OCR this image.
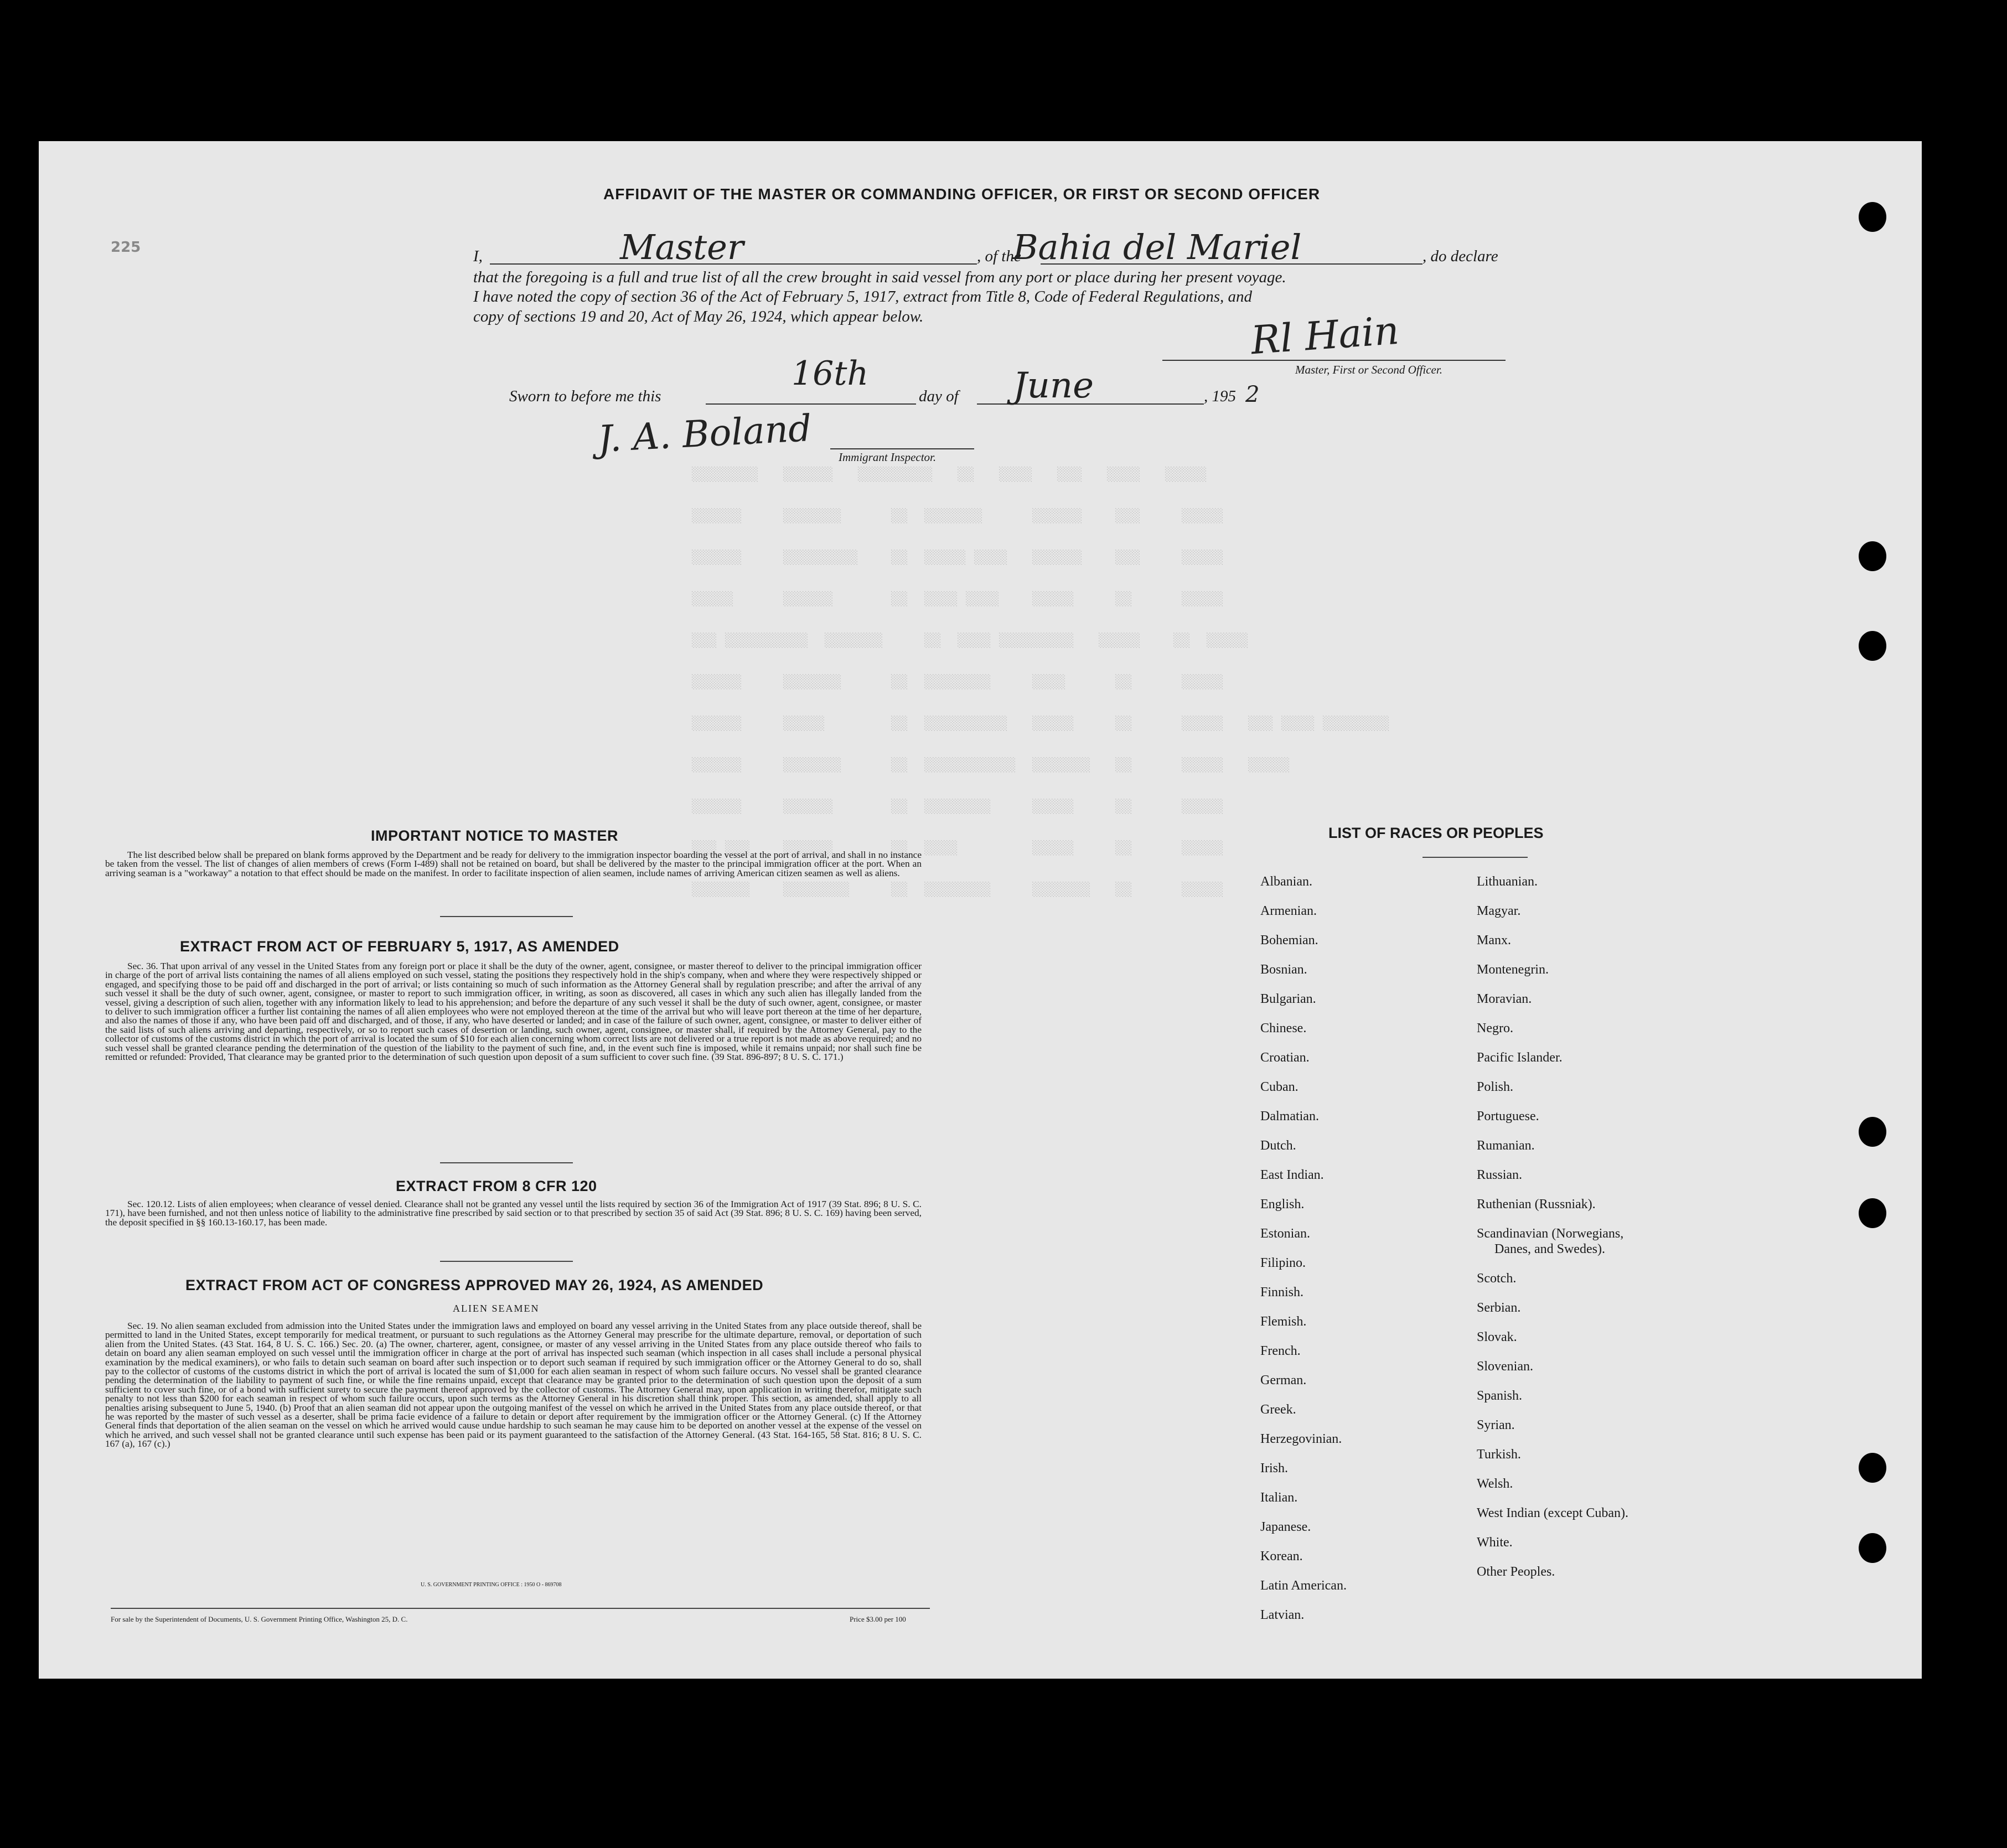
░░░░░░░░   ░░░░░░   ░░░░░░░░░   ░░   ░░░░   ░░░   ░░░░   ░░░░░
░░░░░░     ░░░░░░░      ░░  ░░░░░░░      ░░░░░░    ░░░     ░░░░░
░░░░░░     ░░░░░░░░░    ░░  ░░░░░ ░░░░   ░░░░░░    ░░░     ░░░░░
░░░░░      ░░░░░░       ░░  ░░░░ ░░░░    ░░░░░     ░░      ░░░░░
░░░ ░░░░░░░░░░  ░░░░░░░     ░░  ░░░░ ░░░░░░░░░   ░░░░░    ░░  ░░░░░
░░░░░░     ░░░░░░░      ░░  ░░░░░░░░     ░░░░      ░░      ░░░░░
░░░░░░     ░░░░░        ░░  ░░░░░░░░░░   ░░░░░     ░░      ░░░░░   ░░░ ░░░░ ░░░░░░░░
░░░░░░     ░░░░░░░      ░░  ░░░░░░░░░░░  ░░░░░░░   ░░      ░░░░░   ░░░░░
░░░░░░     ░░░░░░       ░░  ░░░░░░░░     ░░░░░     ░░      ░░░░░
░░░ ░░░    ░░░░░░       ░░  ░░░░         ░░░░░     ░░      ░░░░░
░░░░░░░    ░░░░░░░░     ░░  ░░░░░░░░     ░░░░░░░   ░░      ░░░░░

AFFIDAVIT OF THE MASTER OR COMMANDING OFFICER, OR FIRST OR SECOND OFFICER
225	I,	Master	, of the
Bahia del Mariel	, do declare
that the foregoing is a full and true list of all the crew brought in said vessel from any port or place during her present voyage.
I have noted the copy of section 36 of the Act of February 5, 1917, extract from Title 8, Code of Federal Regulations, and
copy of sections 19 and 20, Act of May 26, 1924, which appear below.	Rl Hain
Master, First or Second Officer.
Sworn to before me this
16th
day of June	, 195 2
J. A. Boland Immigrant Inspector.
IMPORTANT NOTICE TO MASTER
The list described below shall be prepared on blank forms approved by the Department and be ready for delivery to the immigration inspector boarding the vessel at the port of arrival, and shall in no instance be taken from the vessel. The list of changes of alien members of crews (Form I-489) shall not be retained on board, but shall be delivered by the master to the principal immigration officer at the port. When an arriving seaman is a "workaway" a notation to that effect should be made on the manifest. In order to facilitate inspection of alien seamen, include names of arriving American citizen seamen as well as aliens.
EXTRACT FROM ACT OF FEBRUARY 5, 1917, AS AMENDED
Sec. 36. That upon arrival of any vessel in the United States from any foreign port or place it shall be the duty of the owner, agent, consignee, or master thereof to deliver to the principal immigration officer in charge of the port of arrival lists containing the names of all aliens employed on such vessel, stating the positions they respectively hold in the ship's company, when and where they were respectively shipped or engaged, and specifying those to be paid off and discharged in the port of arrival; or lists containing so much of such information as the Attorney General shall by regulation prescribe; and after the arrival of any such vessel it shall be the duty of such owner, agent, consignee, or master to report to such immigration officer, in writing, as soon as discovered, all cases in which any such alien has illegally landed from the vessel, giving a description of such alien, together with any information likely to lead to his apprehension; and before the departure of any such vessel it shall be the duty of such owner, agent, consignee, or master to deliver to such immigration officer a further list containing the names of all alien employees who were not employed thereon at the time of the arrival but who will leave port thereon at the time of her departure, and also the names of those if any, who have been paid off and discharged, and of those, if any, who have deserted or landed; and in case of the failure of such owner, agent, consignee, or master to deliver either of the said lists of such aliens arriving and departing, respectively, or so to report such cases of desertion or landing, such owner, agent, consignee, or master shall, if required by the Attorney General, pay to the collector of customs of the customs district in which the port of arrival is located the sum of $10 for each alien concerning whom correct lists are not delivered or a true report is not made as above required; and no such vessel shall be granted clearance pending the determination of the question of the liability to the payment of such fine, and, in the event such fine is imposed, while it remains unpaid; nor shall such fine be remitted or refunded: Provided, That clearance may be granted prior to the determination of such question upon deposit of a sum sufficient to cover such fine. (39 Stat. 896-897; 8 U. S. C. 171.)
EXTRACT FROM 8 CFR 120
Sec. 120.12. Lists of alien employees; when clearance of vessel denied. Clearance shall not be granted any vessel until the lists required by section 36 of the Immigration Act of 1917 (39 Stat. 896; 8 U. S. C. 171), have been furnished, and not then unless notice of liability to the administrative fine prescribed by said section or to that prescribed by section 35 of said Act (39 Stat. 896; 8 U. S. C. 169) having been served, the deposit specified in §§ 160.13-160.17, has been made.
EXTRACT FROM ACT OF CONGRESS APPROVED MAY 26, 1924, AS AMENDED
ALIEN SEAMEN
Sec. 19. No alien seaman excluded from admission into the United States under the immigration laws and employed on board any vessel arriving in the United States from any place outside thereof, shall be permitted to land in the United States, except temporarily for medical treatment, or pursuant to such regulations as the Attorney General may prescribe for the ultimate departure, removal, or deportation of such alien from the United States. (43 Stat. 164, 8 U. S. C. 166.) Sec. 20. (a) The owner, charterer, agent, consignee, or master of any vessel arriving in the United States from any place outside thereof who fails to detain on board any alien seaman employed on such vessel until the immigration officer in charge at the port of arrival has inspected such seaman (which inspection in all cases shall include a personal physical examination by the medical examiners), or who fails to detain such seaman on board after such inspection or to deport such seaman if required by such immigration officer or the Attorney General to do so, shall pay to the collector of customs of the customs district in which the port of arrival is located the sum of $1,000 for each alien seaman in respect of whom such failure occurs. No vessel shall be granted clearance pending the determination of the liability to payment of such fine, or while the fine remains unpaid, except that clearance may be granted prior to the determination of such question upon the deposit of a sum sufficient to cover such fine, or of a bond with sufficient surety to secure the payment thereof approved by the collector of customs. The Attorney General may, upon application in writing therefor, mitigate such penalty to not less than $200 for each seaman in respect of whom such failure occurs, upon such terms as the Attorney General in his discretion shall think proper. This section, as amended, shall apply to all penalties arising subsequent to June 5, 1940. (b) Proof that an alien seaman did not appear upon the outgoing manifest of the vessel on which he arrived in the United States from any place outside thereof, or that he was reported by the master of such vessel as a deserter, shall be prima facie evidence of a failure to detain or deport after requirement by the immigration officer or the Attorney General. (c) If the Attorney General finds that deportation of the alien seaman on the vessel on which he arrived would cause undue hardship to such seaman he may cause him to be deported on another vessel at the expense of the vessel on which he arrived, and such vessel shall not be granted clearance until such expense has been paid or its payment guaranteed to the satisfaction of the Attorney General. (43 Stat. 164-165, 58 Stat. 816; 8 U. S. C. 167 (a), 167 (c).)
U. S. GOVERNMENT PRINTING OFFICE : 1950 O - 869708
For sale by the Superintendent of Documents, U. S. Government Printing Office, Washington 25, D. C.	Price $3.00 per 100
LIST OF RACES OR PEOPLES
Albanian.
Armenian.
Bohemian.
Bosnian.
Bulgarian.
Chinese.
Croatian.
Cuban.
Dalmatian.
Dutch.
East Indian.
English.
Estonian.
Filipino.
Finnish.
Flemish.
French.
German.
Greek.
Herzegovinian.
Irish.
Italian.
Japanese.
Korean.
Latin American.
Latvian.
Lithuanian.
Magyar.
Manx.
Montenegrin.
Moravian.
Negro.
Pacific Islander.
Polish.
Portuguese.
Rumanian.
Russian.
Ruthenian (Russniak).
Scandinavian (Norwegians,
Danes, and Swedes).
Scotch.
Serbian.
Slovak.
Slovenian.
Spanish.
Syrian.
Turkish.
Welsh.
West Indian (except Cuban).
White.
Other Peoples.
